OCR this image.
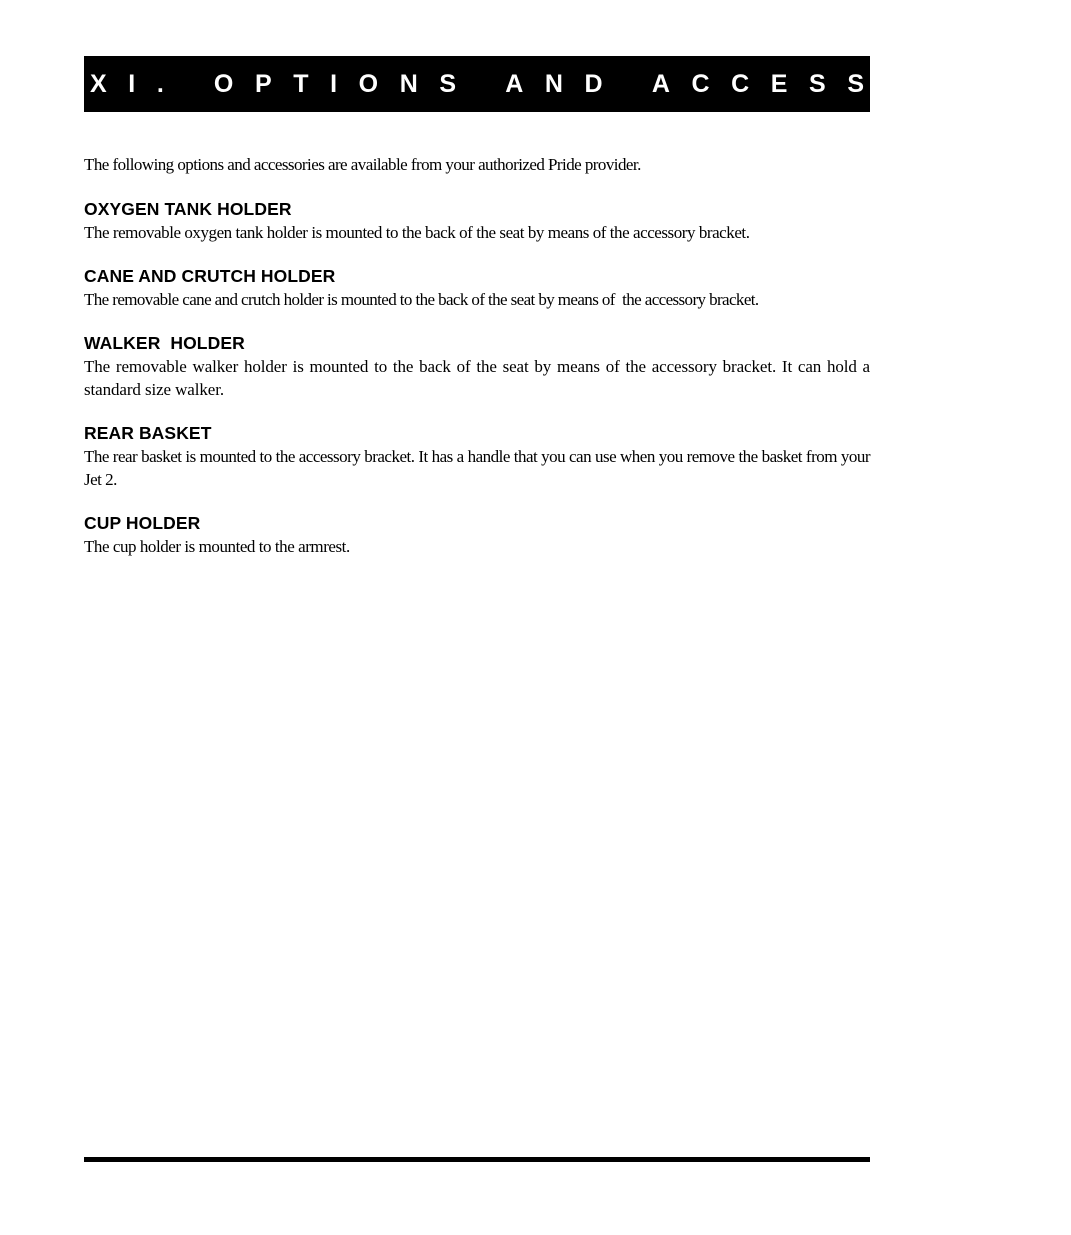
XI. OPTIONS AND ACCESSORIES

The following options and accessories are available from your authorized Pride provider.

OXYGEN TANK HOLDER

The removable oxygen tank holder is mounted to the back of the seat by means of the accessory bracket.

CANE AND CRUTCH HOLDER

The removable cane and crutch holder is mounted to the back of the seat by means of  the accessory bracket.

WALKER  HOLDER

The removable walker holder is mounted to the back of the seat by means of the accessory bracket. It can hold a standard size walker.

REAR BASKET

The rear basket is mounted to the accessory bracket. It has a handle that you can use when you remove the basket from your Jet 2.

CUP HOLDER

The cup holder is mounted to the armrest.
